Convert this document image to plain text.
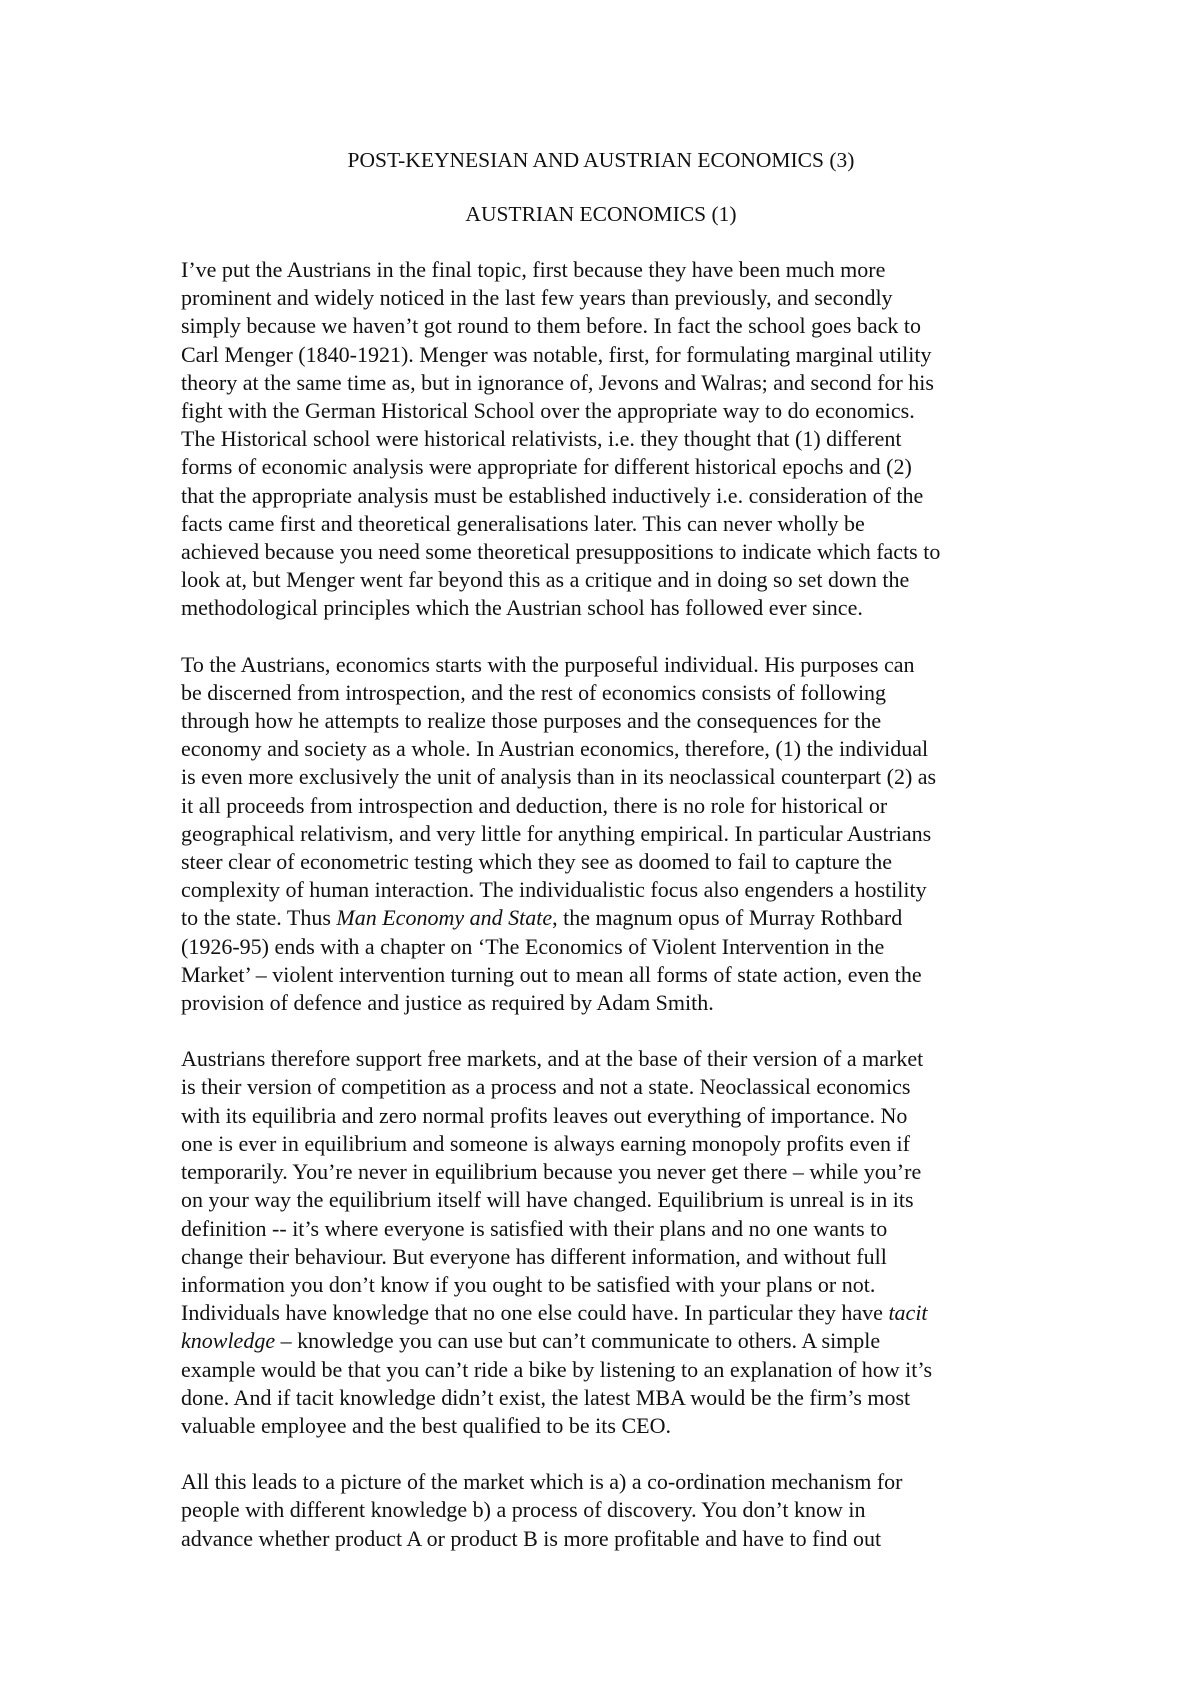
POST-KEYNESIAN AND AUSTRIAN ECONOMICS (3)

AUSTRIAN ECONOMICS (1)

I’ve put the Austrians in the final topic, first because they have been much more
prominent and widely noticed in the last few years than previously, and secondly
simply because we haven’t got round to them before. In fact the school goes back to
Carl Menger (1840-1921). Menger was notable, first, for formulating marginal utility
theory at the same time as, but in ignorance of, Jevons and Walras; and second for his
fight with the German Historical School over the appropriate way to do economics.
The Historical school were historical relativists, i.e. they thought that (1) different
forms of economic analysis were appropriate for different historical epochs and (2)
that the appropriate analysis must be established inductively i.e. consideration of the
facts came first and theoretical generalisations later. This can never wholly be
achieved because you need some theoretical presuppositions to indicate which facts to
look at, but Menger went far beyond this as a critique and in doing so set down the
methodological principles which the Austrian school has followed ever since.

To the Austrians, economics starts with the purposeful individual. His purposes can
be discerned from introspection, and the rest of economics consists of following
through how he attempts to realize those purposes and the consequences for the
economy and society as a whole. In Austrian economics, therefore, (1) the individual
is even more exclusively the unit of analysis than in its neoclassical counterpart (2) as
it all proceeds from introspection and deduction, there is no role for historical or
geographical relativism, and very little for anything empirical. In particular Austrians
steer clear of econometric testing which they see as doomed to fail to capture the
complexity of human interaction. The individualistic focus also engenders a hostility
to the state. Thus Man Economy and State, the magnum opus of Murray Rothbard
(1926-95) ends with a chapter on ‘The Economics of Violent Intervention in the
Market’ – violent intervention turning out to mean all forms of state action, even the
provision of defence and justice as required by Adam Smith.

Austrians therefore support free markets, and at the base of their version of a market
is their version of competition as a process and not a state. Neoclassical economics
with its equilibria and zero normal profits leaves out everything of importance. No
one is ever in equilibrium and someone is always earning monopoly profits even if
temporarily. You’re never in equilibrium because you never get there – while you’re
on your way the equilibrium itself will have changed. Equilibrium is unreal is in its
definition -- it’s where everyone is satisfied with their plans and no one wants to
change their behaviour. But everyone has different information, and without full
information you don’t know if you ought to be satisfied with your plans or not.
Individuals have knowledge that no one else could have. In particular they have tacit
knowledge – knowledge you can use but can’t communicate to others. A simple
example would be that you can’t ride a bike by listening to an explanation of how it’s
done. And if tacit knowledge didn’t exist, the latest MBA would be the firm’s most
valuable employee and the best qualified to be its CEO.

All this leads to a picture of the market which is a) a co-ordination mechanism for
people with different knowledge b) a process of discovery. You don’t know in
advance whether product A or product B is more profitable and have to find out
